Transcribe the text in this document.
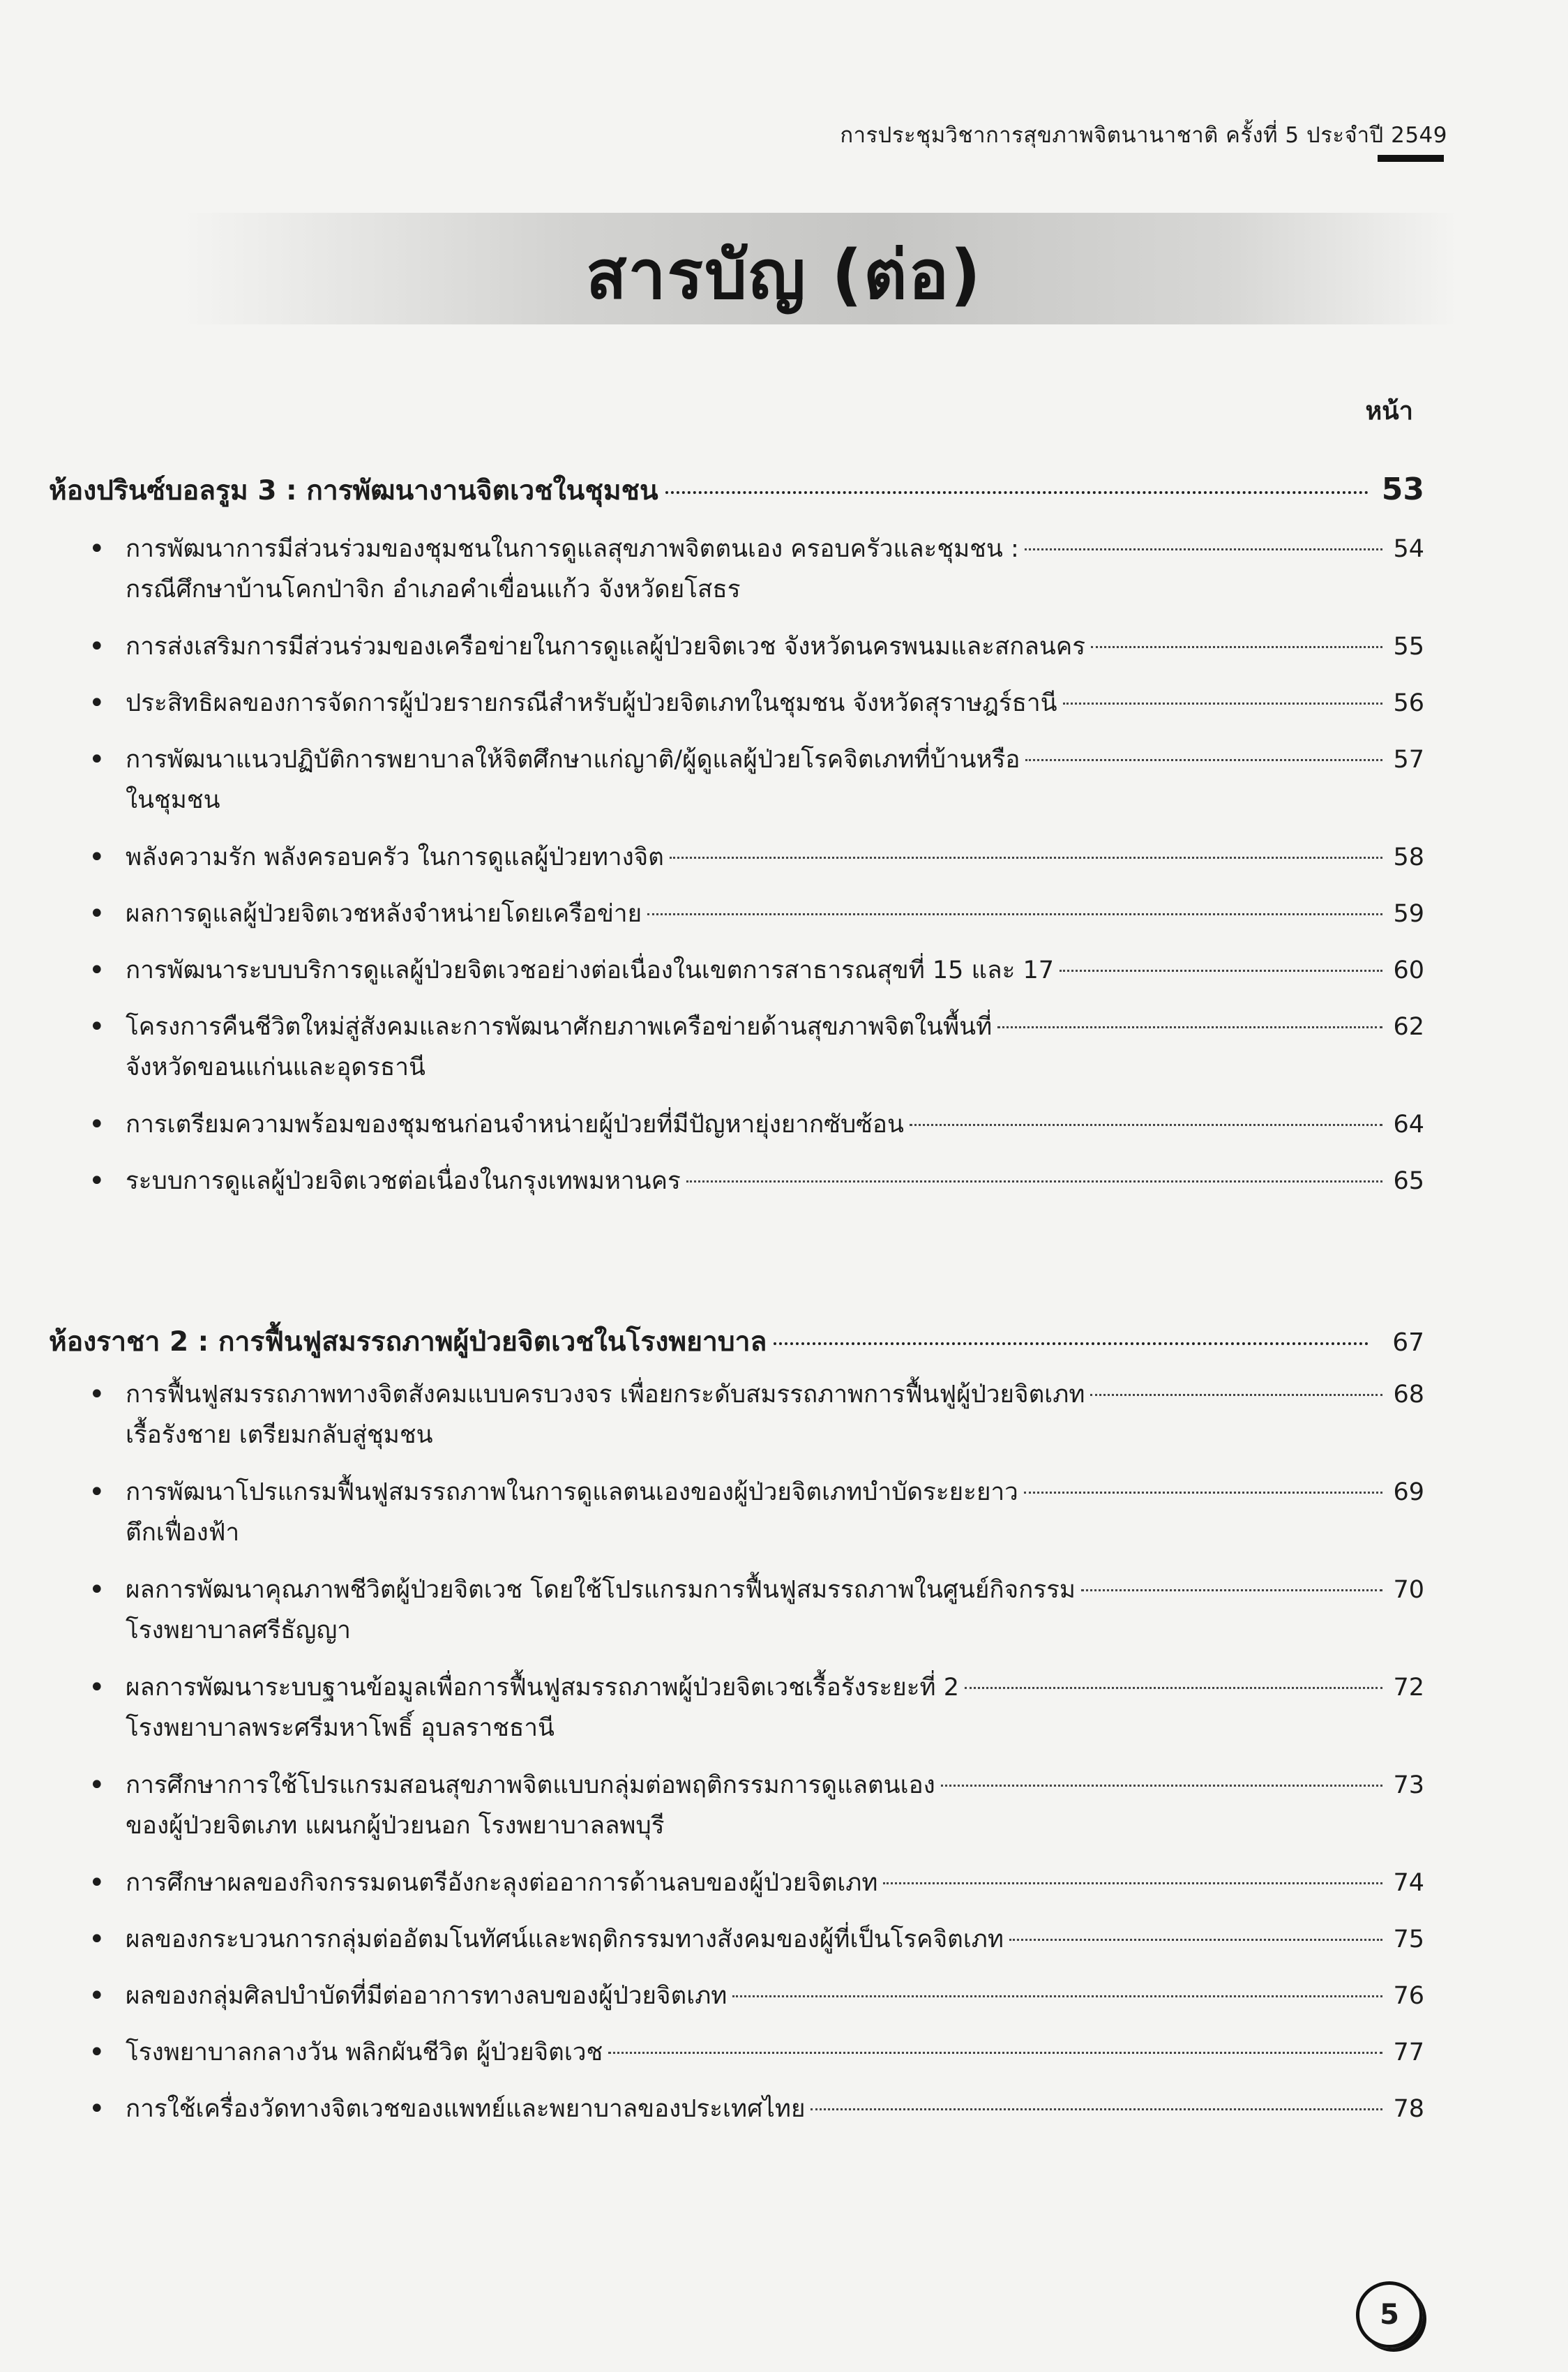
การประชุมวิชาการสุขภาพจิตนานาชาติ ครั้งที่ 5 ประจำปี 2549
สารบัญ (ต่อ)
หน้า
ห้องปรินซ์บอลรูม 3 : การพัฒนางานจิตเวชในชุมชน	53
• การพัฒนาการมีส่วนร่วมของชุมชนในการดูแลสุขภาพจิตตนเอง ครอบครัวและชุมชน :	54
กรณีศึกษาบ้านโคกป่าจิก อำเภอคำเขื่อนแก้ว จังหวัดยโสธร
• การส่งเสริมการมีส่วนร่วมของเครือข่ายในการดูแลผู้ป่วยจิตเวช จังหวัดนครพนมและสกลนคร	55
• ประสิทธิผลของการจัดการผู้ป่วยรายกรณีสำหรับผู้ป่วยจิตเภทในชุมชน จังหวัดสุราษฎร์ธานี	56
• การพัฒนาแนวปฏิบัติการพยาบาลให้จิตศึกษาแก่ญาติ/ผู้ดูแลผู้ป่วยโรคจิตเภทที่บ้านหรือ	57
ในชุมชน
• พลังความรัก พลังครอบครัว ในการดูแลผู้ป่วยทางจิต	58
• ผลการดูแลผู้ป่วยจิตเวชหลังจำหน่ายโดยเครือข่าย	59
• การพัฒนาระบบบริการดูแลผู้ป่วยจิตเวชอย่างต่อเนื่องในเขตการสาธารณสุขที่ 15 และ 17	60
• โครงการคืนชีวิตใหม่สู่สังคมและการพัฒนาศักยภาพเครือข่ายด้านสุขภาพจิตในพื้นที่	62
จังหวัดขอนแก่นและอุดรธานี
• การเตรียมความพร้อมของชุมชนก่อนจำหน่ายผู้ป่วยที่มีปัญหายุ่งยากซับซ้อน	64
• ระบบการดูแลผู้ป่วยจิตเวชต่อเนื่องในกรุงเทพมหานคร	65
ห้องราชา 2 : การฟื้นฟูสมรรถภาพผู้ป่วยจิตเวชในโรงพยาบาล	67
• การฟื้นฟูสมรรถภาพทางจิตสังคมแบบครบวงจร เพื่อยกระดับสมรรถภาพการฟื้นฟูผู้ป่วยจิตเภท	68
เรื้อรังชาย เตรียมกลับสู่ชุมชน
• การพัฒนาโปรแกรมฟื้นฟูสมรรถภาพในการดูแลตนเองของผู้ป่วยจิตเภทบำบัดระยะยาว	69
ตึกเฟื่องฟ้า
• ผลการพัฒนาคุณภาพชีวิตผู้ป่วยจิตเวช โดยใช้โปรแกรมการฟื้นฟูสมรรถภาพในศูนย์กิจกรรม	70
โรงพยาบาลศรีธัญญา
• ผลการพัฒนาระบบฐานข้อมูลเพื่อการฟื้นฟูสมรรถภาพผู้ป่วยจิตเวชเรื้อรังระยะที่ 2	72
โรงพยาบาลพระศรีมหาโพธิ์ อุบลราชธานี
• การศึกษาการใช้โปรแกรมสอนสุขภาพจิตแบบกลุ่มต่อพฤติกรรมการดูแลตนเอง	73
ของผู้ป่วยจิตเภท แผนกผู้ป่วยนอก โรงพยาบาลลพบุรี
• การศึกษาผลของกิจกรรมดนตรีอังกะลุงต่ออาการด้านลบของผู้ป่วยจิตเภท	74
• ผลของกระบวนการกลุ่มต่ออัตมโนทัศน์และพฤติกรรมทางสังคมของผู้ที่เป็นโรคจิตเภท	75
• ผลของกลุ่มศิลปบำบัดที่มีต่ออาการทางลบของผู้ป่วยจิตเภท	76
• โรงพยาบาลกลางวัน พลิกผันชีวิต ผู้ป่วยจิตเวช	77
• การใช้เครื่องวัดทางจิตเวชของแพทย์และพยาบาลของประเทศไทย	78
5
